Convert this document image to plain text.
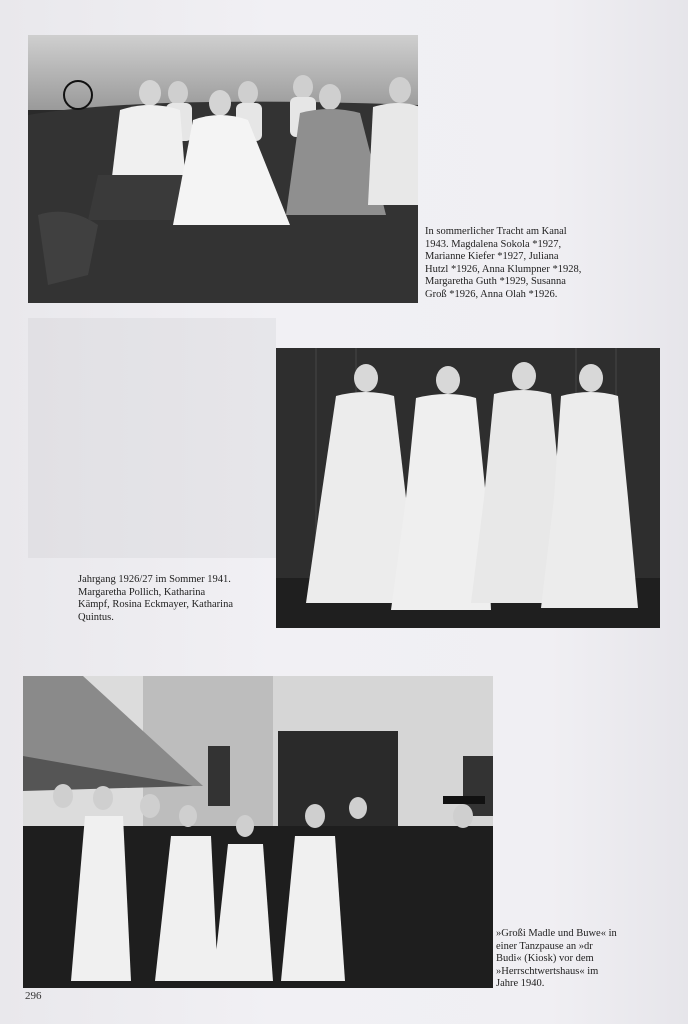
In sommerlicher Tracht am Kanal
1943. Magdalena Sokola *1927,
Marianne Kiefer *1927, Juliana
Hutzl *1926, Anna Klumpner *1928,
Margaretha Guth *1929, Susanna
Groß *1926, Anna Olah *1926.
Jahrgang 1926/27 im Sommer 1941.
Margaretha Pollich, Katharina
Kämpf, Rosina Eckmayer, Katharina
Quintus.
»Großi Madle und Buwe« in
einer Tanzpause an »dr
Budi« (Kiosk) vor dem
»Herrschtwertshaus« im
Jahre 1940.
296
